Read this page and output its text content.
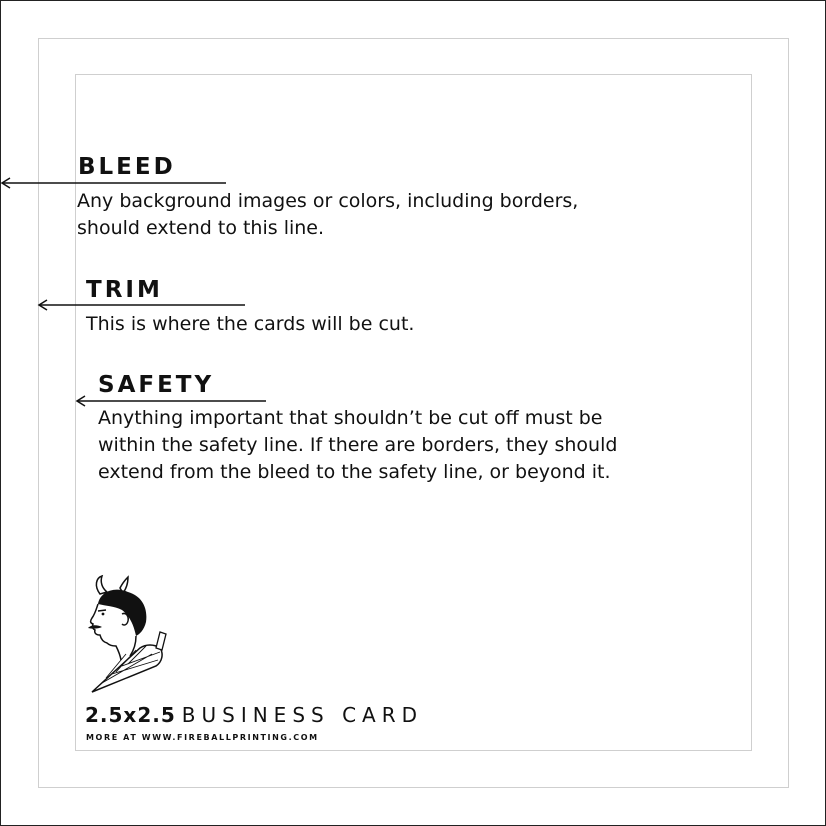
BLEED
Any background images or colors, including borders,
should extend to this line.
TRIM
This is where the cards will be cut.
SAFETY
Anything important that shouldn’t be cut off must be
within the safety line. If there are borders, they should
extend from the bleed to the safety line, or beyond it.
2.5x2.5 BUSINESS CARD
MORE AT WWW.FIREBALLPRINTING.COM
